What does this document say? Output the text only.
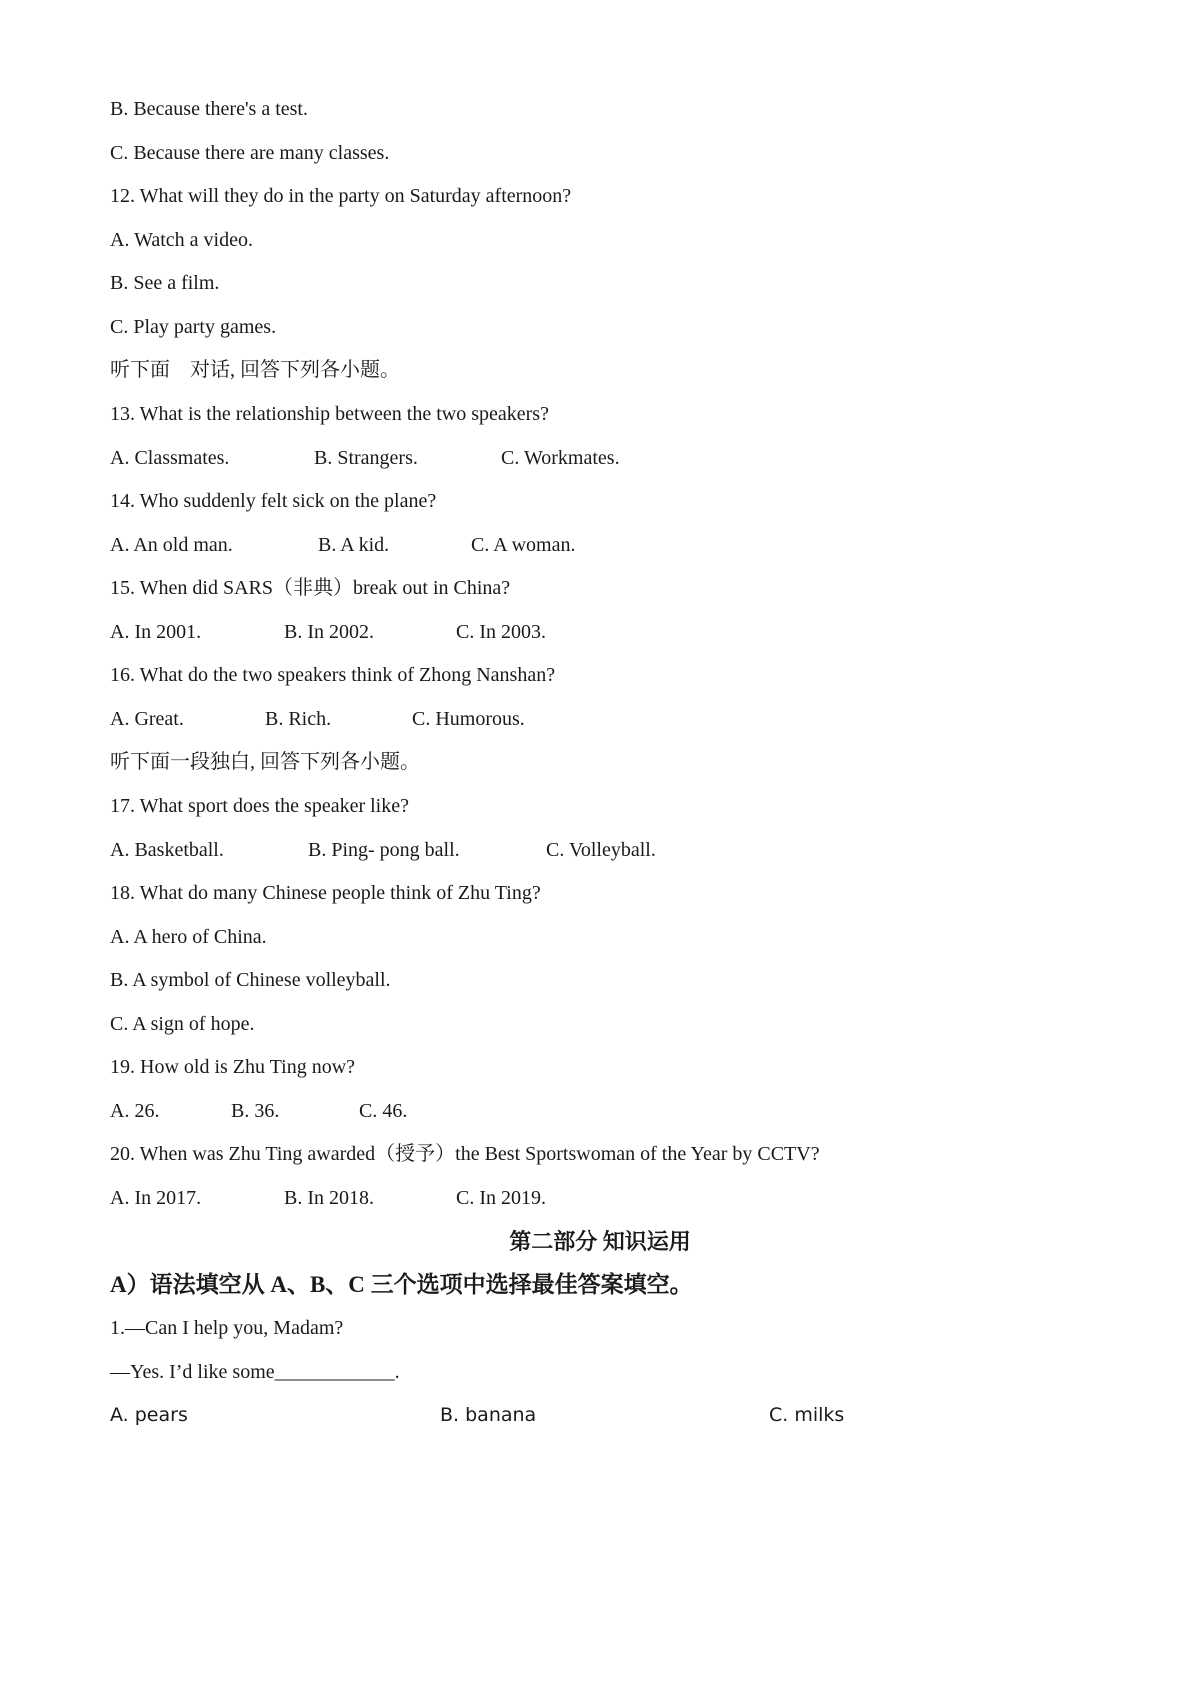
B. Because there's a test.
C. Because there are many classes.
12. What will they do in the party on Saturday afternoon?
A. Watch a video.
B. See a film.
C. Play party games.
听下面　对话, 回答下列各小题。
13. What is the relationship between the two speakers?
A. Classmates.	B. Strangers.	C. Workmates.
14. Who suddenly felt sick on the plane?
A. An old man.	B. A kid.	C. A woman.
15. When did SARS（非典）break out in China?
A. In 2001.	B. In 2002.	C. In 2003.
16. What do the two speakers think of Zhong Nanshan?
A. Great.	B. Rich.	C. Humorous.
听下面一段独白, 回答下列各小题。
17. What sport does the speaker like?
A. Basketball.	B. Ping- pong ball.	C. Volleyball.
18. What do many Chinese people think of Zhu Ting?
A. A hero of China.
B. A symbol of Chinese volleyball.
C. A sign of hope.
19. How old is Zhu Ting now?
A. 26.	B. 36.	C. 46.
20. When was Zhu Ting awarded（授予）the Best Sportswoman of the Year by CCTV?
A. In 2017.	B. In 2018.	C. In 2019.
第二部分 知识运用
A）语法填空从 A、B、C 三个选项中选择最佳答案填空。
1.—Can I help you, Madam?
—Yes. I’d like some____________.
A. pears	B. banana	C. milks
